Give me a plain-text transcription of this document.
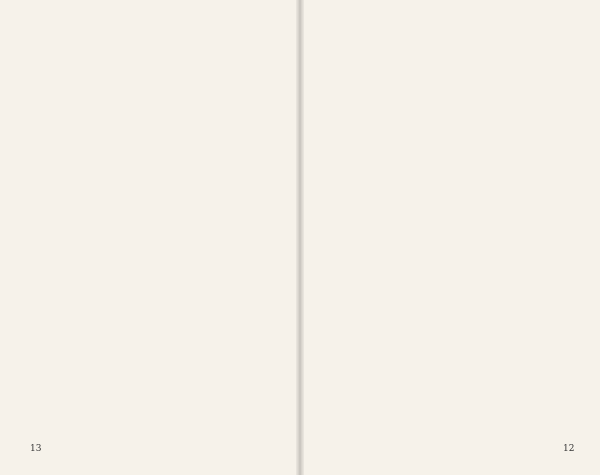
13	12
